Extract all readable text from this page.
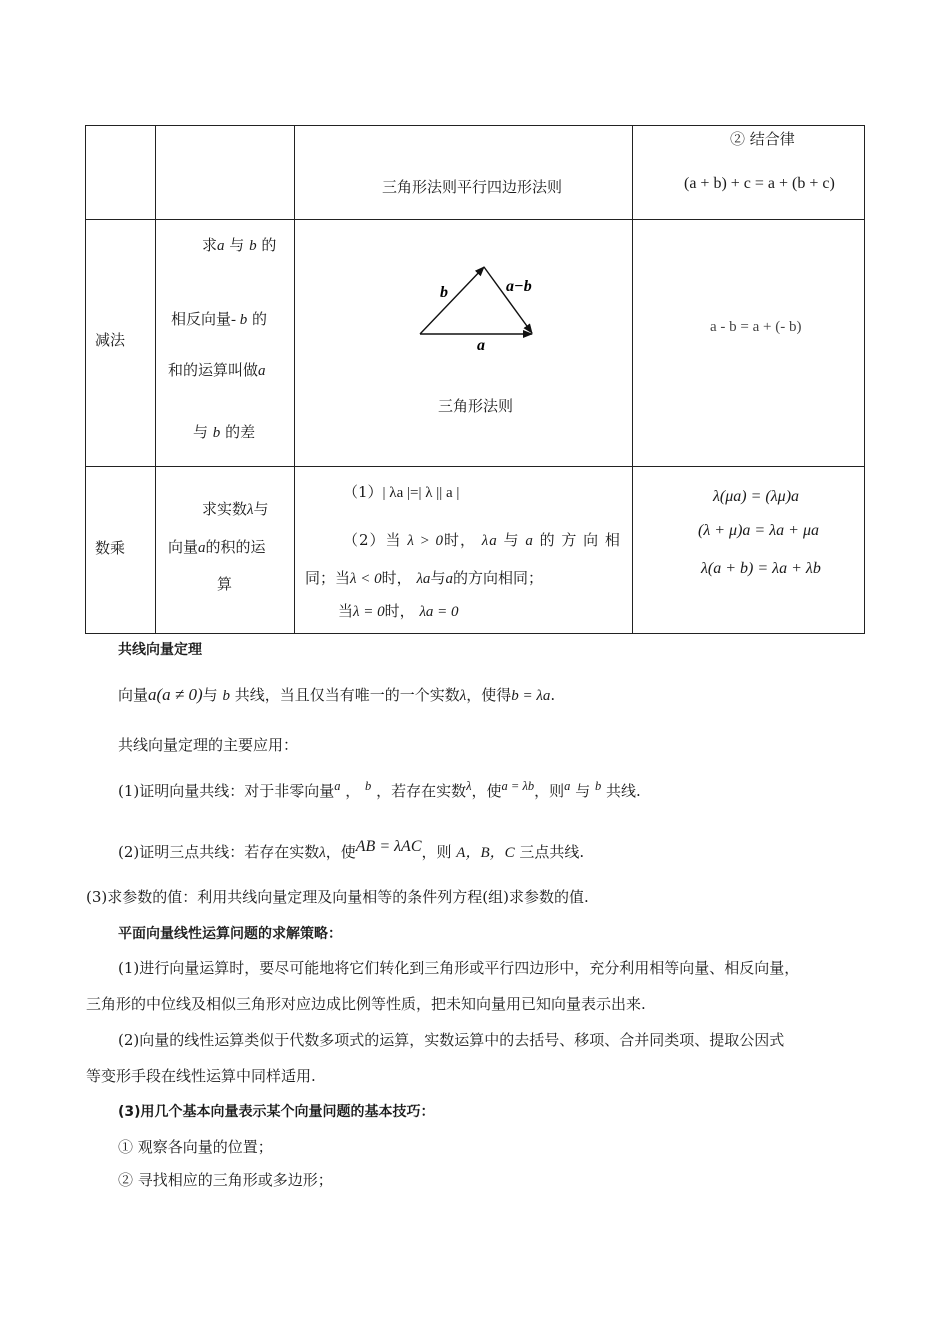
② 结合律
三角形法则平行四边形法则	(a + b) + c = a + (b + c)
减法
求a 与 b 的
相反向量- b 的
和的运算叫做a
与 b 的差
b	a−b
a
三角形法则
a - b = a + (- b)
数乘
求实数λ与
向量a的积的运
算
（1）| λa |=| λ || a |
（2）当 λ > 0时， λa 与 a 的 方 向 相
同；当λ < 0时， λa与a的方向相同；
当λ = 0时， λa = 0
λ(μa) = (λμ)a
(λ + μ)a = λa + μa
λ(a + b) = λa + λb
共线向量定理
向量a(a ≠ 0)与 b 共线，当且仅当有唯一的一个实数λ，使得b = λa.
共线向量定理的主要应用：
(1)证明向量共线：对于非零向量$^a$ ， $^b$ ，若存在实数$^\lambda$，使$^{a = \lambda b}$，则$^a$ 与 $^b$ 共线.
(2)证明三点共线：若存在实数λ，使$^{AB = \lambda AC}$，则 A，B，C 三点共线.
(3)求参数的值：利用共线向量定理及向量相等的条件列方程(组)求参数的值.
平面向量线性运算问题的求解策略：
(1)进行向量运算时，要尽可能地将它们转化到三角形或平行四边形中，充分利用相等向量、相反向量，
三角形的中位线及相似三角形对应边成比例等性质，把未知向量用已知向量表示出来.
(2)向量的线性运算类似于代数多项式的运算，实数运算中的去括号、移项、合并同类项、提取公因式
等变形手段在线性运算中同样适用.
(3)用几个基本向量表示某个向量问题的基本技巧：
① 观察各向量的位置；
② 寻找相应的三角形或多边形；
